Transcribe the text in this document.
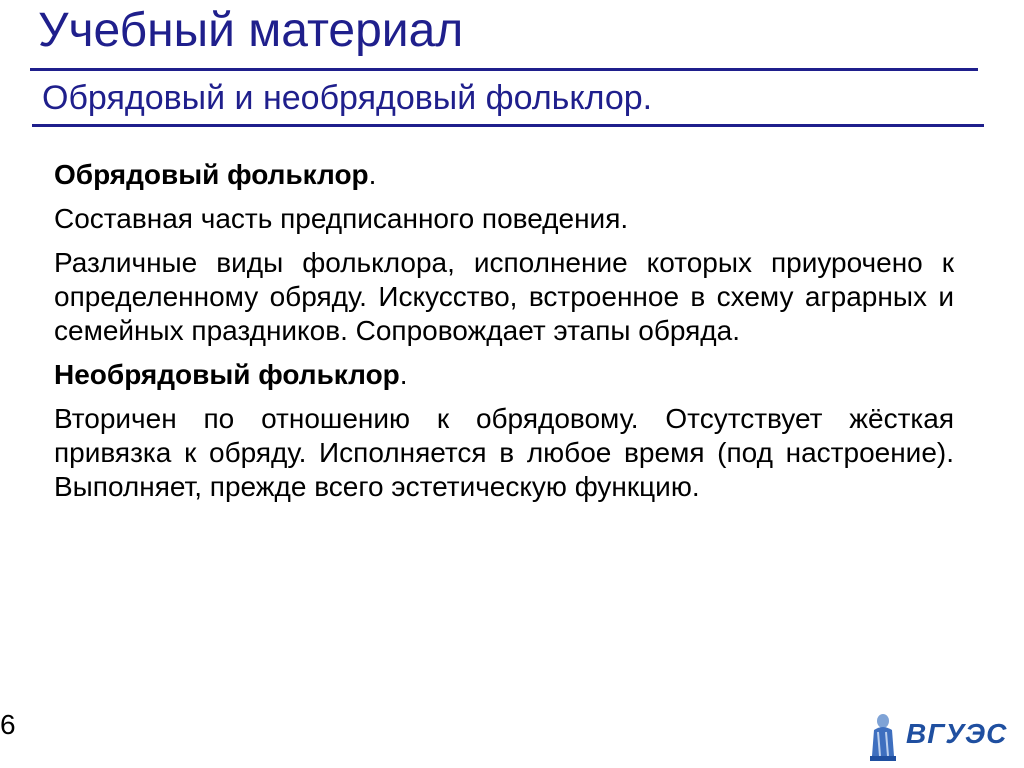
Учебный материал
Обрядовый и необрядовый фольклор.

Обрядовый фольклор.

Составная часть предписанного поведения.

Различные виды фольклора, исполнение которых приурочено к определенному обряду. Искусство, встроенное в схему аграрных и семейных праздников. Сопровождает этапы обряда.

Необрядовый фольклор.

Вторичен по отношению к обрядовому. Отсутствует жёсткая привязка к обряду. Исполняется в любое время (под настроение). Выполняет, прежде всего эстетическую функцию.

6	ВГУЭС
